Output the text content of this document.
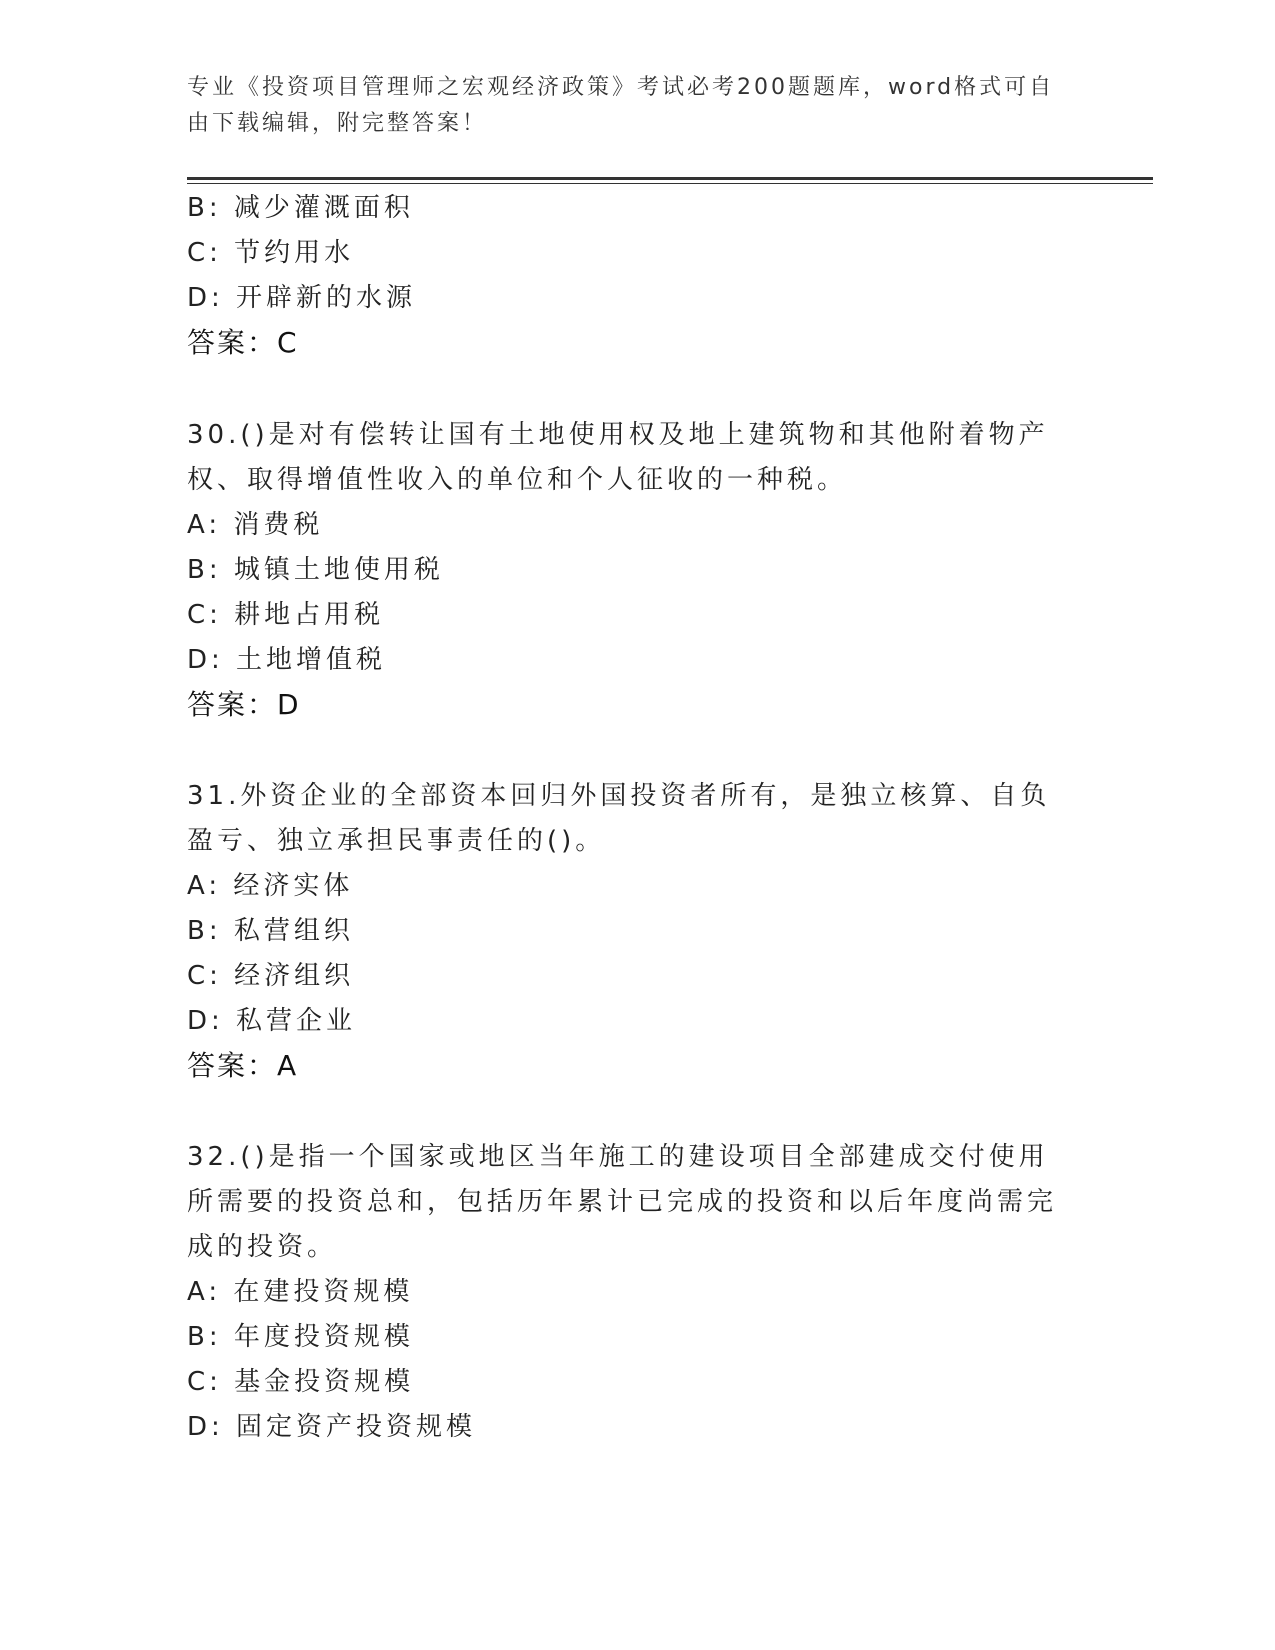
专业《投资项目管理师之宏观经济政策》考试必考200题题库，word格式可自由下载编辑，附完整答案！
B: 减少灌溉面积
C: 节约用水
D: 开辟新的水源
答案：C
30.()是对有偿转让国有土地使用权及地上建筑物和其他附着物产权、取得增值性收入的单位和个人征收的一种税。
A: 消费税
B: 城镇土地使用税
C: 耕地占用税
D: 土地增值税
答案：D
31.外资企业的全部资本回归外国投资者所有，是独立核算、自负盈亏、独立承担民事责任的()。
A: 经济实体
B: 私营组织
C: 经济组织
D: 私营企业
答案：A
32.()是指一个国家或地区当年施工的建设项目全部建成交付使用所需要的投资总和，包括历年累计已完成的投资和以后年度尚需完成的投资。
A: 在建投资规模
B: 年度投资规模
C: 基金投资规模
D: 固定资产投资规模
